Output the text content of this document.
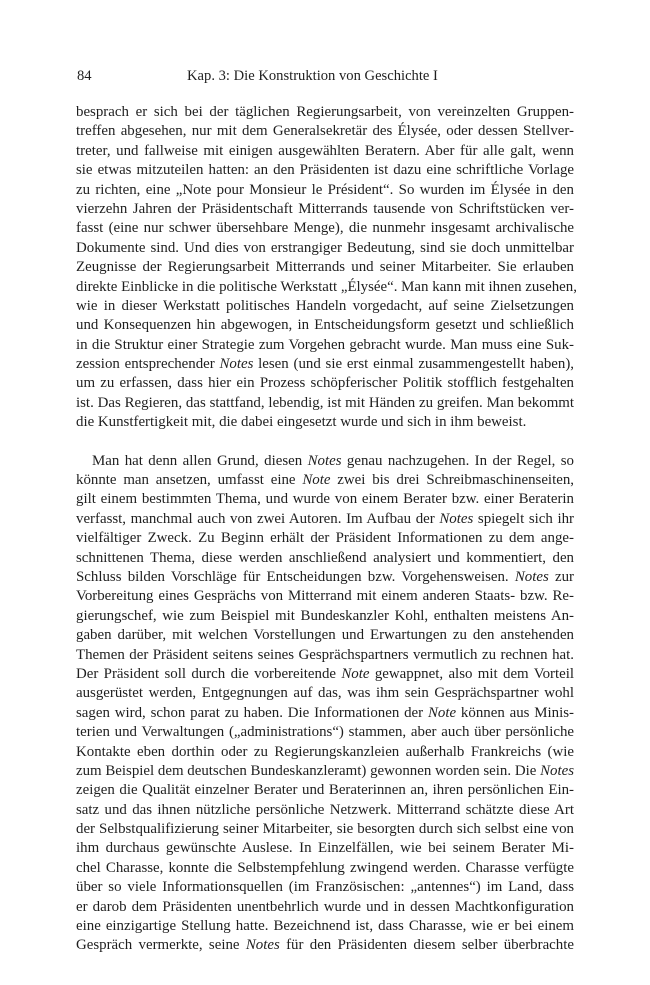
84	Kap. 3: Die Konstruktion von Geschichte I
besprach er sich bei der täglichen Regierungsarbeit, von vereinzelten Gruppen-
treffen abgesehen, nur mit dem Generalsekretär des Élysée, oder dessen Stellver-
treter, und fallweise mit einigen ausgewählten Beratern. Aber für alle galt, wenn
sie etwas mitzuteilen hatten: an den Präsidenten ist dazu eine schriftliche Vorlage
zu richten, eine „Note pour Monsieur le Président“. So wurden im Élysée in den
vierzehn Jahren der Präsidentschaft Mitterrands tausende von Schriftstücken ver-
fasst (eine nur schwer übersehbare Menge), die nunmehr insgesamt archivalische
Dokumente sind. Und dies von erstrangiger Bedeutung, sind sie doch unmittelbar
Zeugnisse der Regierungsarbeit Mitterrands und seiner Mitarbeiter. Sie erlauben
direkte Einblicke in die politische Werkstatt „Élysée“. Man kann mit ihnen zusehen,
wie in dieser Werkstatt politisches Handeln vorgedacht, auf seine Zielsetzungen
und Konsequenzen hin abgewogen, in Entscheidungsform gesetzt und schließlich
in die Struktur einer Strategie zum Vorgehen gebracht wurde. Man muss eine Suk-
zession entsprechender Notes lesen (und sie erst einmal zusammengestellt haben),
um zu erfassen, dass hier ein Prozess schöpferischer Politik stofflich festgehalten
ist. Das Regieren, das stattfand, lebendig, ist mit Händen zu greifen. Man bekommt
die Kunstfertigkeit mit, die dabei eingesetzt wurde und sich in ihm beweist.
Man hat denn allen Grund, diesen Notes genau nachzugehen. In der Regel, so
könnte man ansetzen, umfasst eine Note zwei bis drei Schreibmaschinenseiten,
gilt einem bestimmten Thema, und wurde von einem Berater bzw. einer Beraterin
verfasst, manchmal auch von zwei Autoren. Im Aufbau der Notes spiegelt sich ihr
vielfältiger Zweck. Zu Beginn erhält der Präsident Informationen zu dem ange-
schnittenen Thema, diese werden anschließend analysiert und kommentiert, den
Schluss bilden Vorschläge für Entscheidungen bzw. Vorgehensweisen. Notes zur
Vorbereitung eines Gesprächs von Mitterrand mit einem anderen Staats- bzw. Re-
gierungschef, wie zum Beispiel mit Bundeskanzler Kohl, enthalten meistens An-
gaben darüber, mit welchen Vorstellungen und Erwartungen zu den anstehenden
Themen der Präsident seitens seines Gesprächspartners vermutlich zu rechnen hat.
Der Präsident soll durch die vorbereitende Note gewappnet, also mit dem Vorteil
ausgerüstet werden, Entgegnungen auf das, was ihm sein Gesprächspartner wohl
sagen wird, schon parat zu haben. Die Informationen der Note können aus Minis-
terien und Verwaltungen („administrations“) stammen, aber auch über persönliche
Kontakte eben dorthin oder zu Regierungskanzleien außerhalb Frankreichs (wie
zum Beispiel dem deutschen Bundeskanzleramt) gewonnen worden sein. Die Notes
zeigen die Qualität einzelner Berater und Beraterinnen an, ihren persönlichen Ein-
satz und das ihnen nützliche persönliche Netzwerk. Mitterrand schätzte diese Art
der Selbstqualifizierung seiner Mitarbeiter, sie besorgten durch sich selbst eine von
ihm durchaus gewünschte Auslese. In Einzelfällen, wie bei seinem Berater Mi-
chel Charasse, konnte die Selbstempfehlung zwingend werden. Charasse verfügte
über so viele Informationsquellen (im Französischen: „antennes“) im Land, dass
er darob dem Präsidenten unentbehrlich wurde und in dessen Machtkonfiguration
eine einzigartige Stellung hatte. Bezeichnend ist, dass Charasse, wie er bei einem
Gespräch vermerkte, seine Notes für den Präsidenten diesem selber überbrachte
